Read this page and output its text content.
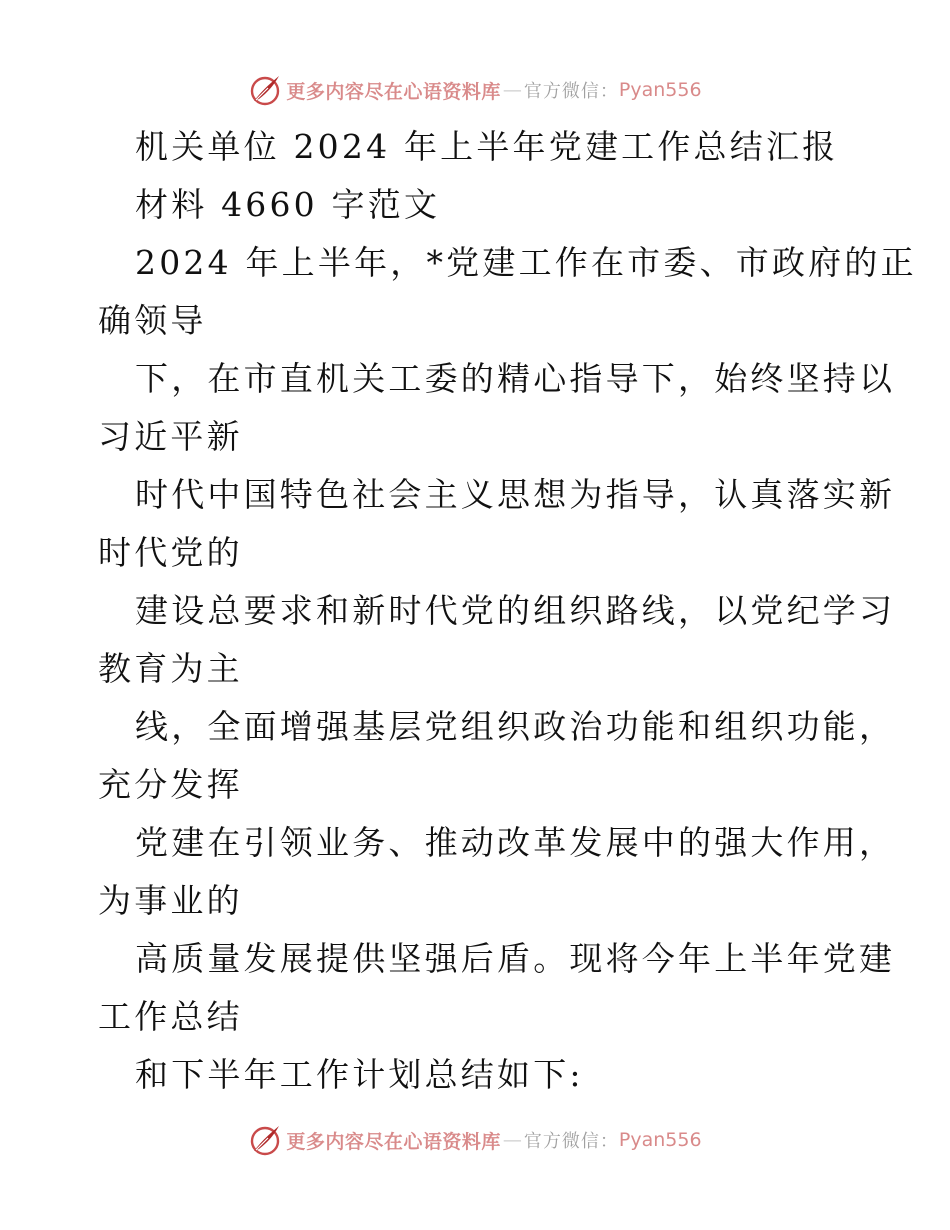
更多内容尽在心语资料库 — 官方微信： Pyan556
机关单位 2024 年上半年党建工作总结汇报
材料 4660 字范文
2024 年上半年，*党建工作在市委、市政府的正
确领导
下，在市直机关工委的精心指导下，始终坚持以
习近平新
时代中国特色社会主义思想为指导，认真落实新
时代党的
建设总要求和新时代党的组织路线，以党纪学习
教育为主
线，全面增强基层党组织政治功能和组织功能，
充分发挥
党建在引领业务、推动改革发展中的强大作用，
为事业的
高质量发展提供坚强后盾。现将今年上半年党建
工作总结
和下半年工作计划总结如下:
更多内容尽在心语资料库 — 官方微信： Pyan556
